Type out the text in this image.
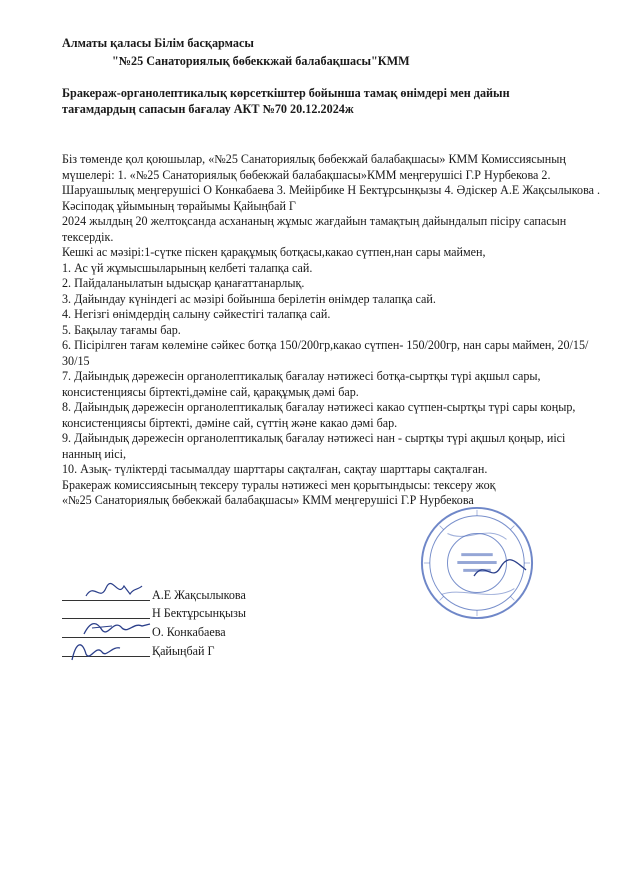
Алматы қаласы Білім басқармасы
"№25 Санаториялық бөбеккжай балабақшасы"КММ
Бракераж-органолептикалық көрсеткіштер бойынша тамақ өнімдері мен дайын
тағамдардың сапасын бағалау АКТ №70 20.12.2024ж

Біз төменде қол қоюшылар, «№25 Санаториялық бөбекжай балабақшасы» КММ Комиссиясының мүшелері: 1. «№25 Санаториялық бөбекжай балабақшасы»КММ меңгерушісі Г.Р Нурбекова 2. Шаруашылық меңгерушісі О Конкабаева 3. Мейірбике Н Бектұрсынқызы 4. Әдіскер А.Е Жақсылыкова . Кәсіподақ ұйымының төрайымы Қайыңбай Г

2024 жылдың 20 желтоқсанда асхананың жұмыс жағдайын тамақтың дайындалып пісіру сапасын тексердік.

Кешкі ас мәзірі:1-сүтке піскен қарақұмық ботқасы,какао сүтпен,нан сары маймен,

1. Ас үй жұмысшыларының келбеті талапқа сай.

2. Пайдаланылатын ыдысқар қанағаттанарлық.

3. Дайындау күніндегі ас мәзірі бойынша берілетін өнімдер талапқа сай.

4. Негізгі өнімдердің салыну сәйкестігі талапқа сай.

5. Бақылау тағамы бар.

6. Пісірілген тағам көлеміне сәйкес ботқа 150/200гр,какао сүтпен- 150/200гр, нан сары маймен, 20/15/ 30/15

7. Дайындық дәрежесін органолептикалық бағалау нәтижесі ботқа-сыртқы түрі ақшыл сары, консистенциясы біртекті,дәміне сай, қарақұмық дәмі бар.

8. Дайындық дәрежесін органолептикалық бағалау нәтижесі какао сүтпен-сыртқы түрі сары коңыр, консистенциясы біртекті, дәміне сай, сүттің және какао дәмі бар.

9. Дайындық дәрежесін органолептикалық бағалау нәтижесі нан - сыртқы түрі ақшыл қоңыр, иісі нанның иісі,

10. Азық- түліктерді тасымалдау шарттары сақталған, сақтау шарттары сақталған.

Бракераж комиссиясының тексеру туралы нәтижесі мен қорытындысы: тексеру жоқ

«№25 Санаториялық бөбекжай балабақшасы» КММ меңгерушісі Г.Р Нурбекова

А.Е Жақсылыкова
Н Бектұрсынқызы
О. Конкабаева
Қайыңбай Г
